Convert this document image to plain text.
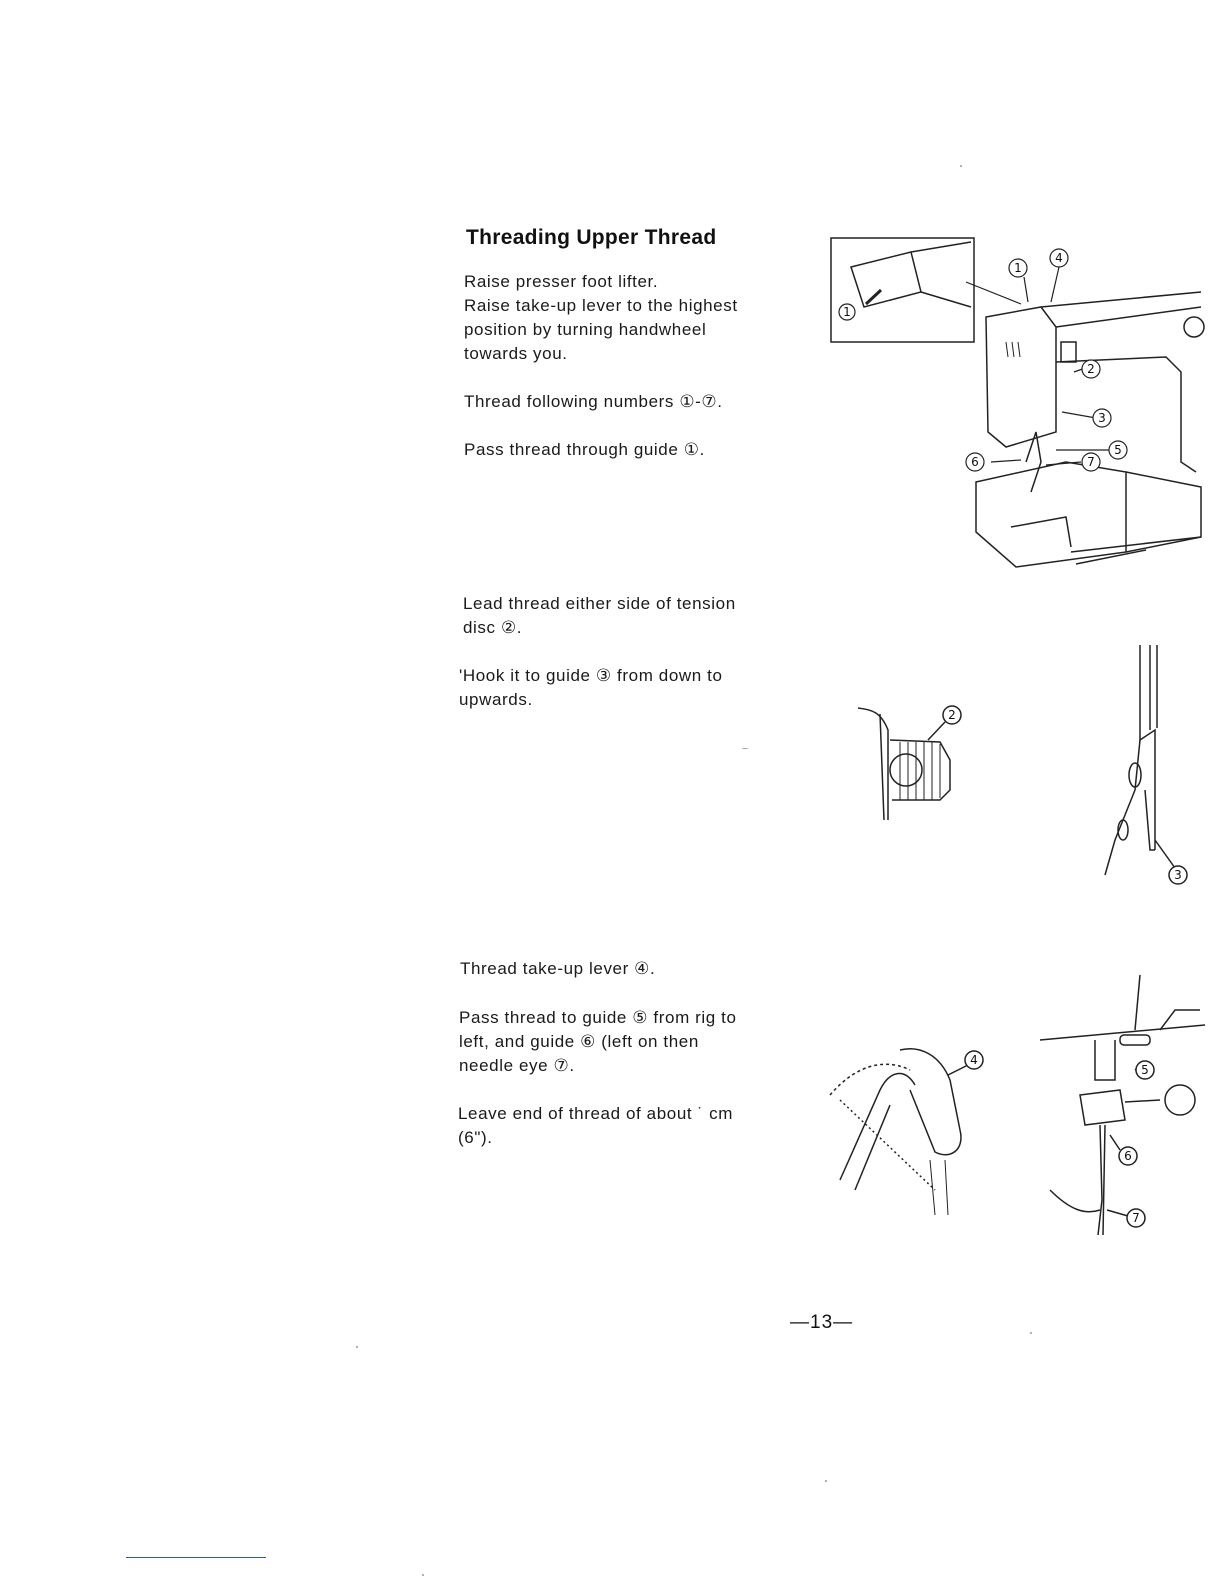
Threading Upper Thread

Raise presser foot lifter.

Raise take-up lever to the highest position by turning handwheel towards you.

Thread following numbers ①-⑦.
Pass thread through guide ①.
Lead thread either side of tension disc ②.
'Hook it to guide ③ from down to upwards.
Thread take-up lever ④.
Pass thread to guide ⑤ from rig to left, and guide ⑥ (left on then needle eye ⑦.
Leave end of thread of about ˙ cm (6").
—13—
1
1
4
2
3
5
6	7
2
3
4
5
6
7
